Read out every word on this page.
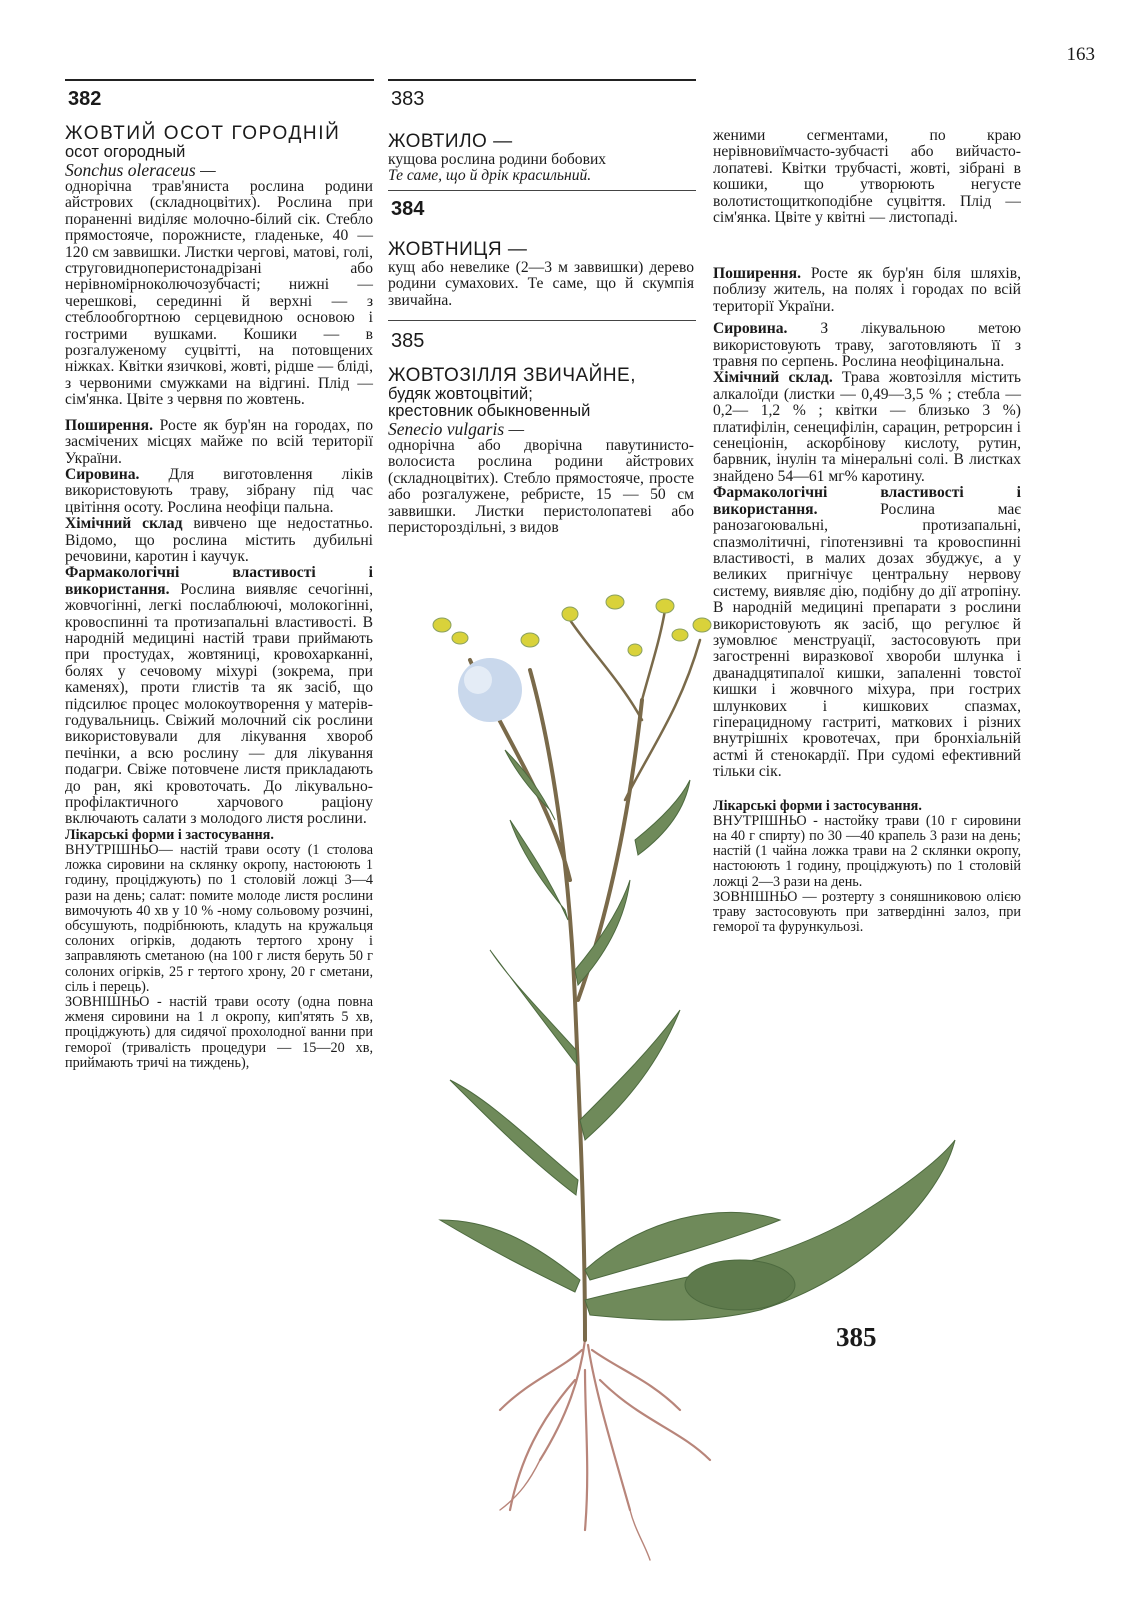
163
382
ЖОВТИЙ ОСОТ ГОРОДНІЙ
осот огородный
Sonchus oleraceus —

однорічна трав'яниста рослина родини айстрових (складноцвітих). Рослина при пораненні виділяє молочно-білий сік. Стебло прямостояче, порожнисте, гладеньке, 40 — 120 см заввишки. Листки чергові, матові, голі, струговидноперистонадрізані або нерівномірноколючозубчасті; нижні — черешкові, серединні й верхні — з стеблообгортною серцевидною основою і гострими вушками. Кошики — в розгалуженому суцвітті, на потовщених ніжках. Квітки язичкові, жовті, рідше — бліді, з червоними смужками на відгині. Плід — сім'янка. Цвіте з червня по жовтень.

Поширення. Росте як бур'ян на городах, по засмічених місцях майже по всій території України.

Сировина. Для виготовлення ліків використовують траву, зібрану під час цвітіння осоту. Рослина неофіци пальна.

Хімічний склад вивчено ще недостатньо. Відомо, що рослина містить дубильні речовини, каротин і каучук.

Фармакологічні властивості і використання. Рослина виявляє сечогінні, жовчогінні, легкі послаблюючі, молокогінні, кровоспинні та протизапальні властивості. В народній медицині настій трави приймають при простудах, жовтяниці, кровохарканні, болях у сечовому міхурі (зокрема, при каменях), проти глистів та як засіб, що підсилює процес молокоутворення у матерів-годувальниць. Свіжий молочний сік рослини використовували для лікування хвороб печінки, а всю рослину — для лікування подагри. Свіже потовчене листя прикладають до ран, які кровоточать. До лікувально-профілактичного харчового раціону включають салати з молодого листя рослини.

Лікарські форми і застосування.

ВНУТРІШНЬО— настій трави осоту (1 столова ложка сировини на склянку окропу, настоюють 1 годину, проціджують) по 1 столовій ложці 3—4 рази на день; салат: помите молоде листя рослини вимочують 40 хв у 10 % -ному сольовому розчині, обсушують, подрібнюють, кладуть на кружальця солоних огірків, додають тертого хрону і заправляють сметаною (на 100 г листя беруть 50 г солоних огірків, 25 г тертого хрону, 20 г сметани, сіль і перець).

ЗОВНІШНЬО - настій трави осоту (одна повна жменя сировини на 1 л окропу, кип'ятять 5 хв, проціджують) для сидячої прохолодної ванни при геморої (тривалість процедури — 15—20 хв, приймають тричі на тиждень),

383
ЖОВТИЛО —

кущова рослина родини бобових

Те саме, що й дрік красильний.

384
ЖОВТНИЦЯ —

кущ або невелике (2—3 м заввишки) дерево родини сумахових. Те саме, що й скумпія звичайна.

385
ЖОВТОЗІЛЛЯ ЗВИЧАЙНЕ,
будяк жовтоцвітий;
крестовник обыкновенный
Senecio vulgaris —

однорічна або дворічна павутинисто-волосиста рослина родини айстрових (складноцвітих). Стебло прямостояче, просте або розгалужене, ребристе, 15 — 50 см заввишки. Листки перистолопатеві або перистороздільні, з видов

женими сегментами, по краю нерівновиїмчасто-зубчасті або вийчасто-лопатеві. Квітки трубчасті, жовті, зібрані в кошики, що утворюють негусте волотистощиткоподібне суцвіття. Плід — сім'янка. Цвіте у квітні — листопаді.

Поширення. Росте як бур'ян біля шляхів, поблизу житель, на полях і городах по всій території України.

Сировина. З лікувальною метою використовують траву, заготовляють її з травня по серпень. Рослина неофіцинальна.

Хімічний склад. Трава жовтозілля містить алкалоїди (листки — 0,49—3,5 % ; стебла — 0,2— 1,2 % ; квітки — близько 3 %) платифілін, сенецифілін, сарацин, ретрорсин і сенеціонін, аскорбінову кислоту, рутин, барвник, інулін та мінеральні солі. В листках знайдено 54—61 мг% каротину.

Фармакологічні властивості і використання.	Рослина має ранозагоювальні, протизапальні, спазмолітичні, гіпотензивні та кровоспинні властивості, в малих дозах збуджує, а у великих пригнічує центральну нервову систему, виявляє дію, подібну до дії атропіну. В народній медицині препарати з рослини використовують як засіб, що регулює й зумовлює менструації, застосовують при загостренні виразкової хвороби шлунка і дванадцятипалої кишки, запаленні товстої кишки і жовчного міхура, при гострих шлункових і кишкових спазмах, гіперацидному гастриті, маткових і різних внутрішніх кровотечах, при бронхіальній астмі й стенокардії. При судомі ефективний тільки сік.

Лікарські форми і застосування.

ВНУТРІШНЬО - настойку трави (10 г сировини на 40 г спирту) по 30 —40 крапель 3 рази на день; настій (1 чайна ложка трави на 2 склянки окропу, настоюють 1 годину, проціджують) по 1 столовій ложці 2—3 рази на день.

ЗОВНІШНЬО — розтерту з соняшниковою олією траву застосовують при затвердінні залоз, при геморої та фурункульозі.

385
